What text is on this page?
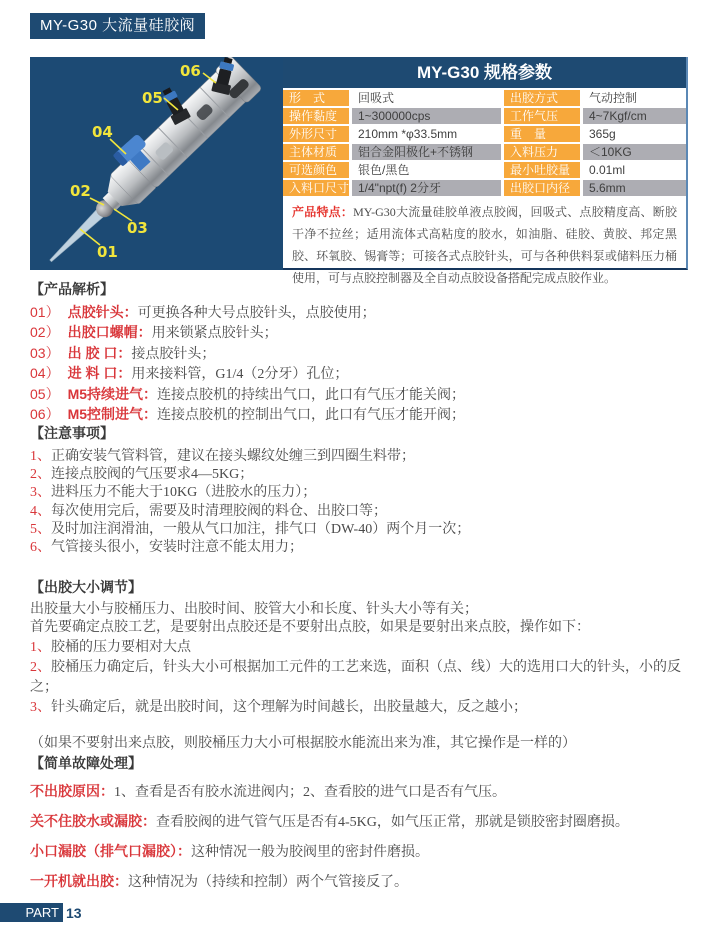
MY-G30 大流量硅胶阀
01
02
03
04
05
06	MY-G30 规格参数
形　式	回吸式	出胶方式	气动控制
操作黏度	1~300000cps	工作气压	4~7Kgf/cm
外形尺寸	210mm *φ33.5mm	重　量	365g
主体材质	铝合金阳极化+不锈钢	入料压力	＜10KG
可选颜色	银色/黑色	最小吐胶量	0.01ml
入料口尺寸 1/4"npt(f) 2分牙	出胶口内径	5.6mm
产品特点：MY-G30大流量硅胶单液点胶阀，回吸式、点胶精度高、断胶干净不拉丝；适用流体式高粘度的胶水，如油脂、硅胶、黄胶、邦定黑胶、环氧胶、锡膏等；可接各式点胶针头，可与各种供料泵或储料压力桶使用，可与点胶控制器及全自动点胶设备搭配完成点胶作业。
【产品解析】
01） 点胶针头：可更换各种大号点胶针头，点胶使用；
02） 出胶口螺帽：用来锁紧点胶针头；
03） 出 胶 口：接点胶针头；
04） 进 料 口：用来接料管，G1/4（2分牙）孔位；
05） M5持续进气：连接点胶机的持续出气口，此口有气压才能关阀；
06） M5控制进气：连接点胶机的控制出气口，此口有气压才能开阀；
【注意事项】
1、正确安装气管料管，建议在接头螺纹处缠三到四圈生料带；
2、连接点胶阀的气压要求4—5KG；
3、进料压力不能大于10KG（进胶水的压力）；
4、每次使用完后，需要及时清理胶阀的料仓、出胶口等；
5、及时加注润滑油，一般从气口加注，排气口（DW-40）两个月一次；
6、气管接头很小，安装时注意不能太用力；
【出胶大小调节】
出胶量大小与胶桶压力、出胶时间、胶管大小和长度、针头大小等有关；
首先要确定点胶工艺，是要射出点胶还是不要射出点胶，如果是要射出来点胶，操作如下：
1、胶桶的压力要相对大点
2、胶桶压力确定后，针头大小可根据加工元件的工艺来选，面积（点、线）大的选用口大的针头，小的反之；
3、针头确定后，就是出胶时间，这个理解为时间越长，出胶量越大，反之越小；
（如果不要射出来点胶，则胶桶压力大小可根据胶水能流出来为准，其它操作是一样的）
【简单故障处理】
不出胶原因：1、查看是否有胶水流进阀内；2、查看胶的进气口是否有气压。
关不住胶水或漏胶：查看胶阀的进气管气压是否有4-5KG，如气压正常，那就是锁胶密封圈磨损。
小口漏胶（排气口漏胶）：这种情况一般为胶阀里的密封件磨损。
一开机就出胶：这种情况为（持续和控制）两个气管接反了。
PART 13
